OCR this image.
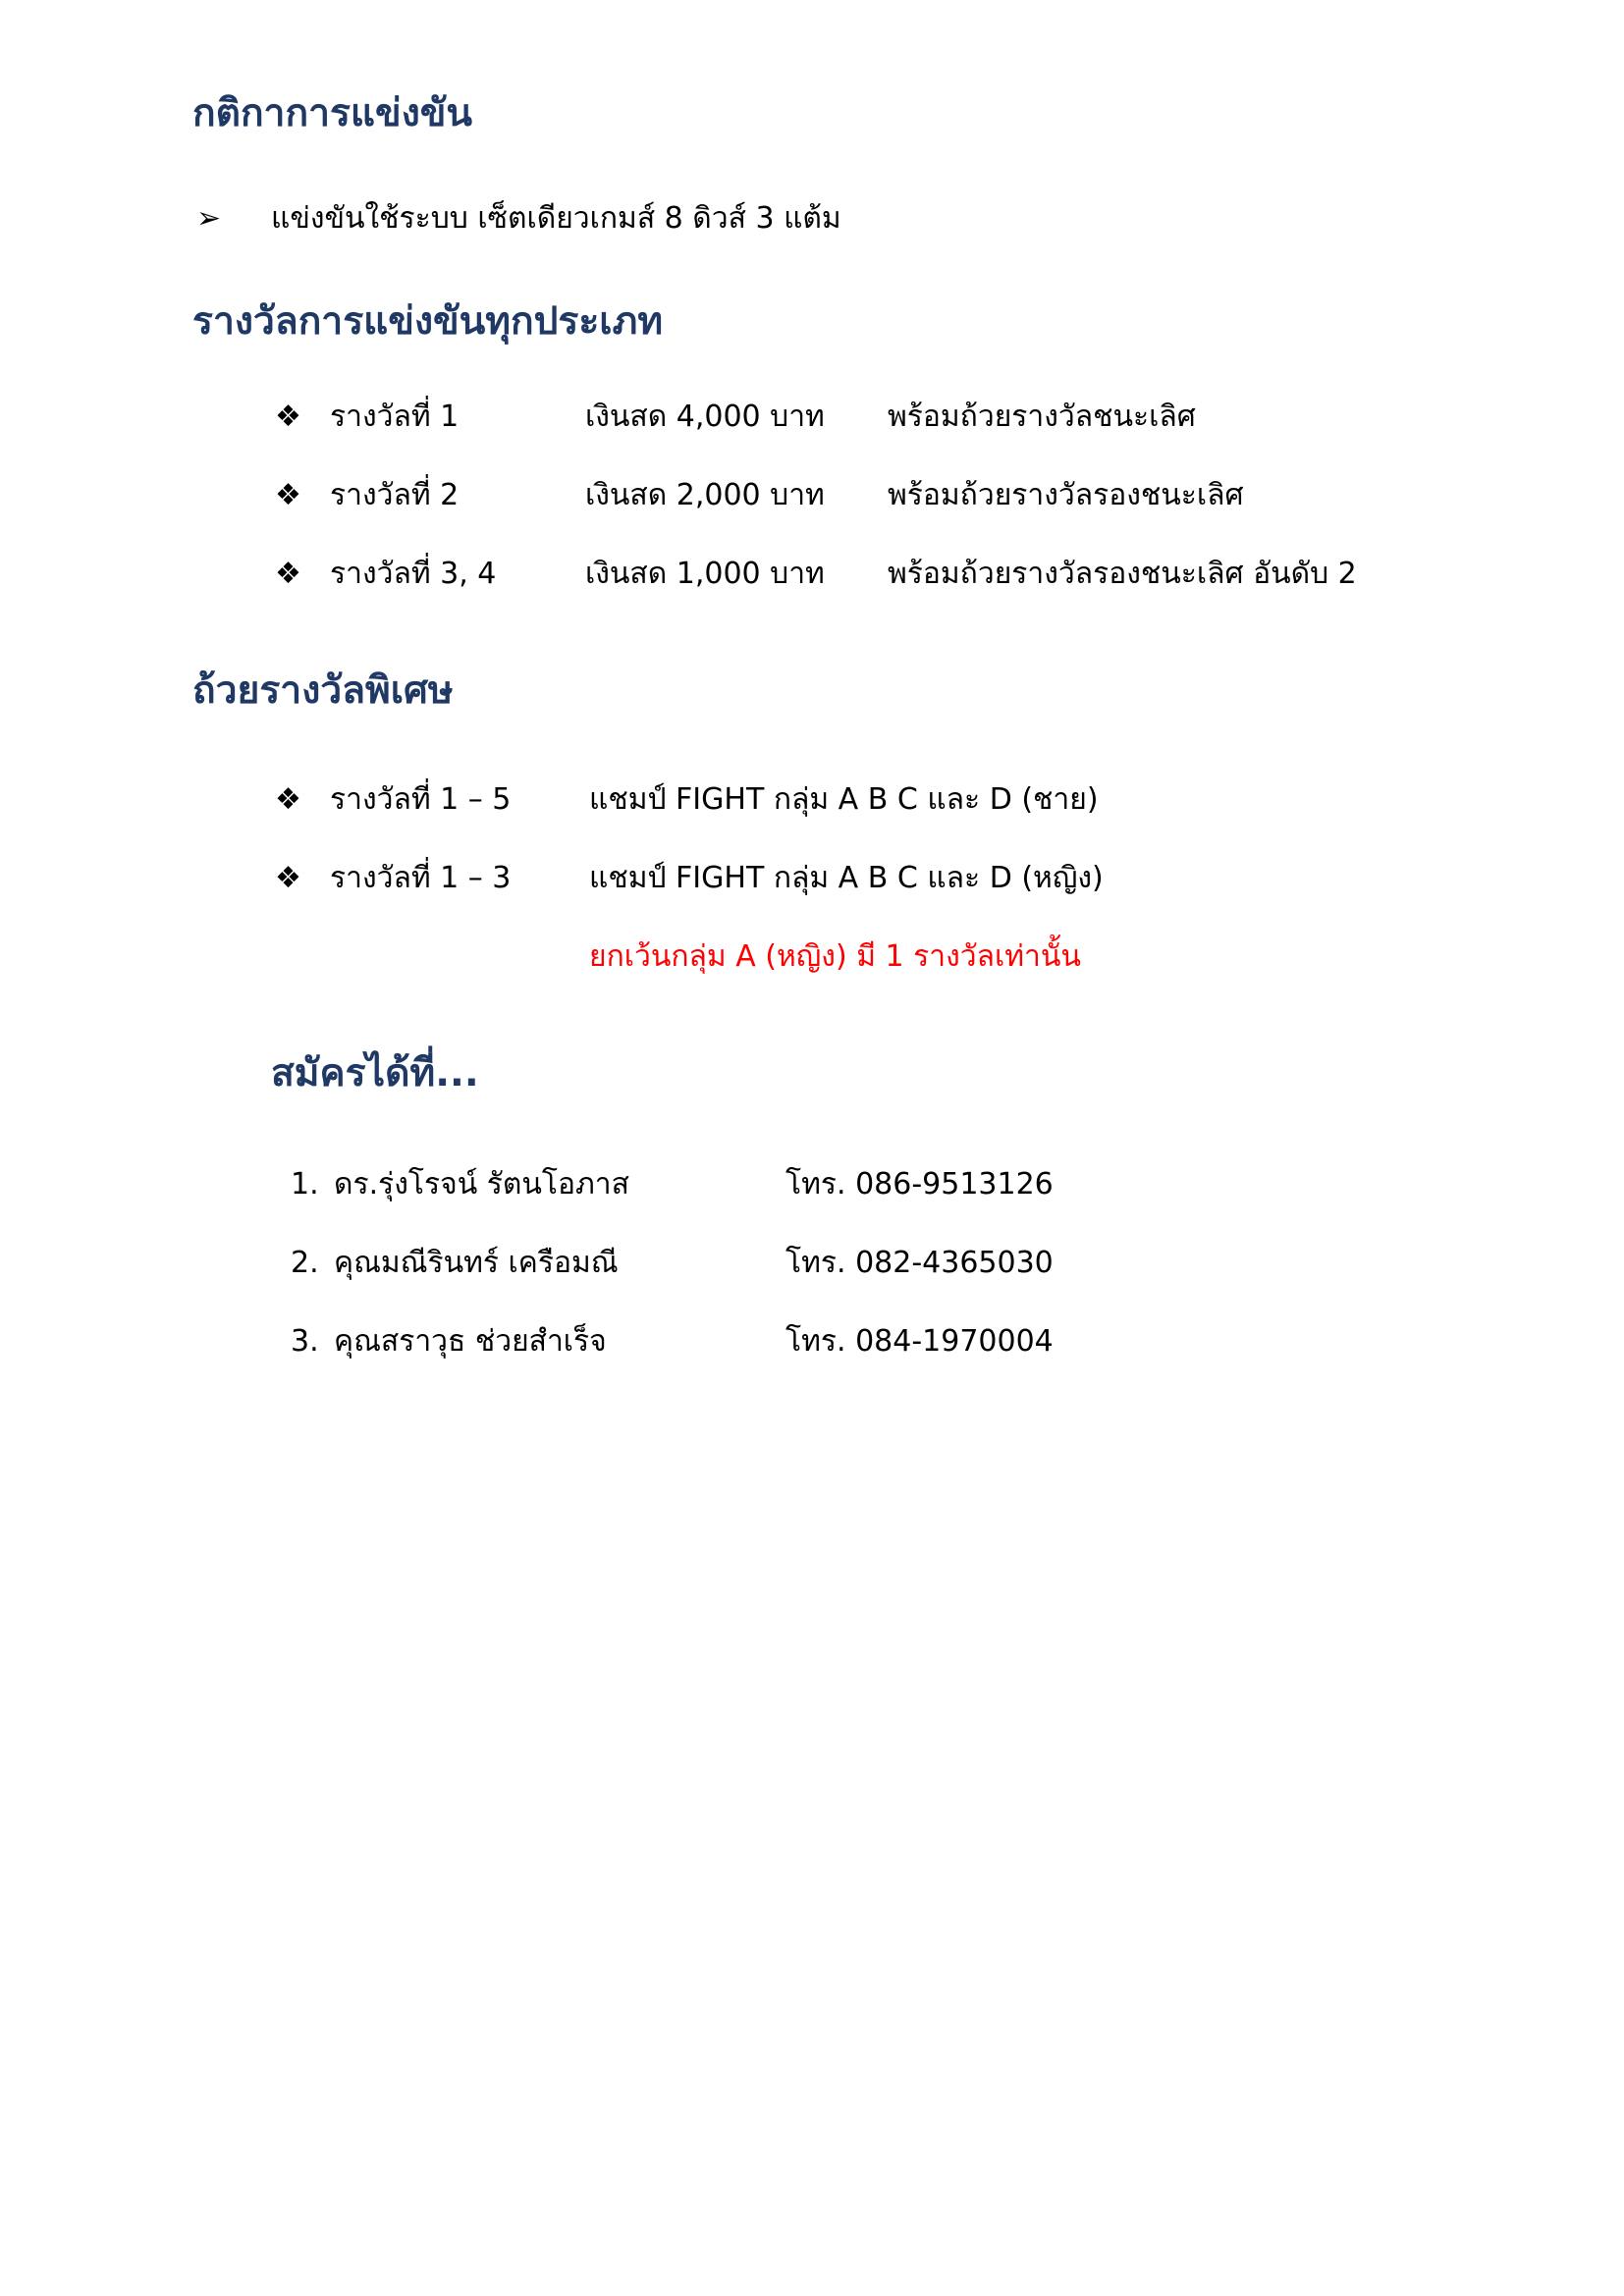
กติกาการแข่งขัน
➢ แข่งขันใช้ระบบ เซ็ตเดียวเกมส์ 8 ดิวส์ 3 แต้ม
รางวัลการแข่งขันทุกประเภท
❖ รางวัลที่ 1	เงินสด 4,000 บาท พร้อมถ้วยรางวัลชนะเลิศ
❖ รางวัลที่ 2	เงินสด 2,000 บาท พร้อมถ้วยรางวัลรองชนะเลิศ
❖ รางวัลที่ 3, 4	เงินสด 1,000 บาท พร้อมถ้วยรางวัลรองชนะเลิศ อันดับ 2
ถ้วยรางวัลพิเศษ
❖ รางวัลที่ 1 – 5	แชมป์ FIGHT กลุ่ม A B C และ D (ชาย)
❖ รางวัลที่ 1 – 3	แชมป์ FIGHT กลุ่ม A B C และ D (หญิง)
ยกเว้นกลุ่ม A (หญิง) มี 1 รางวัลเท่านั้น
สมัครได้ที่...
1. ดร.รุ่งโรจน์ รัตนโอภาส	โทร. 086-9513126
2. คุณมณีรินทร์ เครือมณี	โทร. 082-4365030
3. คุณสราวุธ ช่วยสำเร็จ	โทร. 084-1970004
